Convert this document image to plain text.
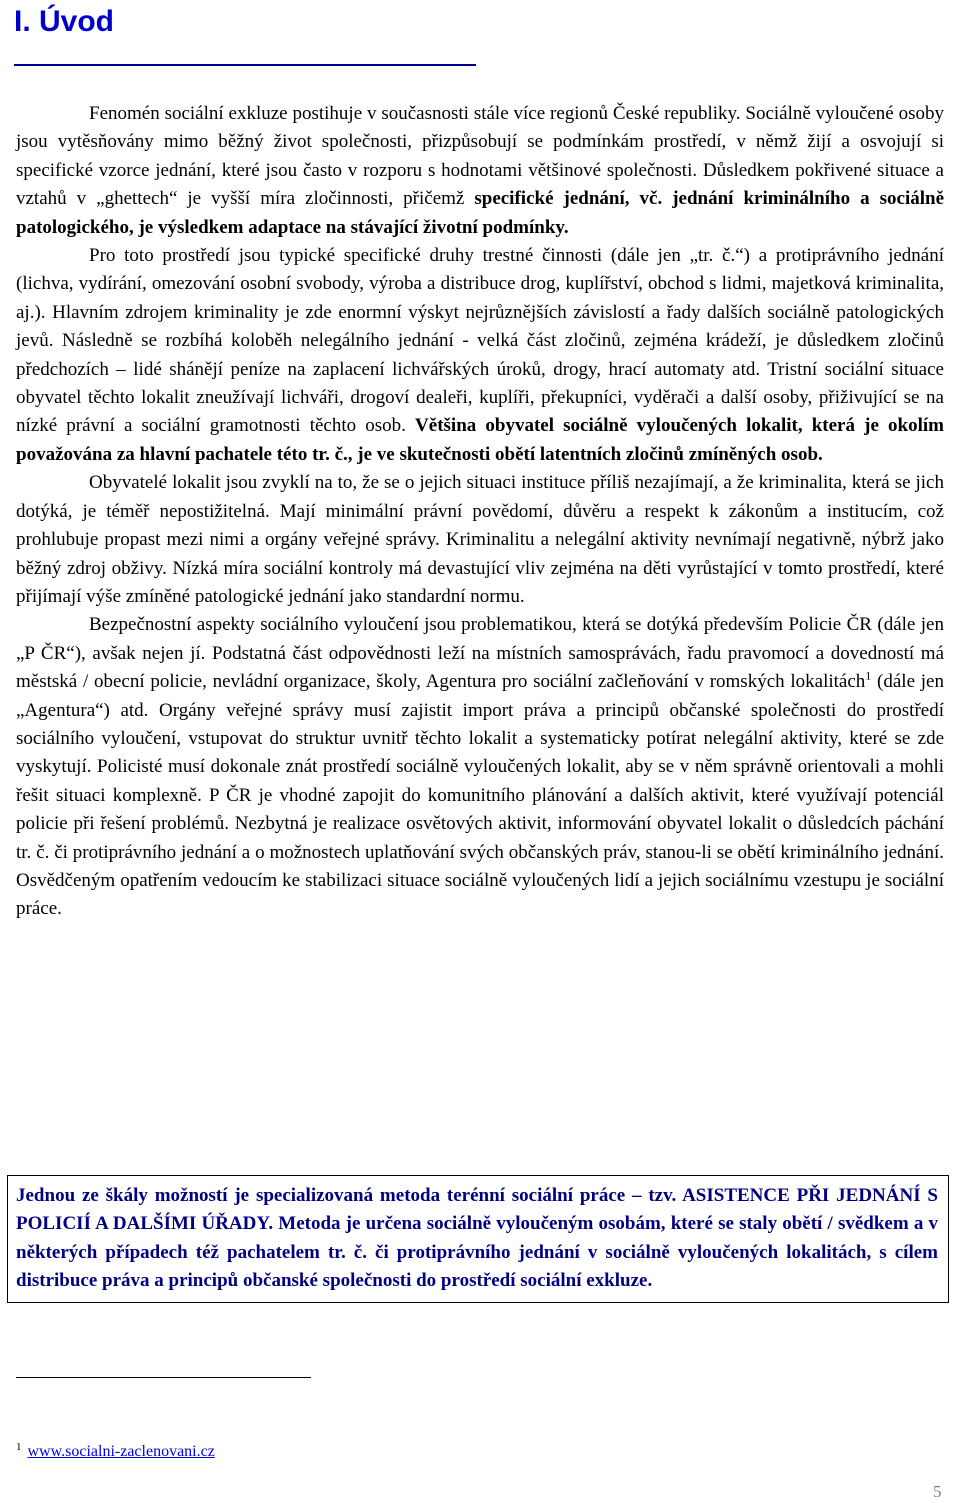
I. Úvod

Fenomén sociální exkluze postihuje v současnosti stále více regionů České republiky. Sociálně vyloučené osoby jsou vytěsňovány mimo běžný život společnosti, přizpůsobují se podmínkám prostředí, v němž žijí a osvojují si specifické vzorce jednání, které jsou často v rozporu s hodnotami většinové společnosti. Důsledkem pokřivené situace a vztahů v „ghettech“ je vyšší míra zločinnosti, přičemž specifické jednání, vč. jednání kriminálního a sociálně patologického, je výsledkem adaptace na stávající životní podmínky.

Pro toto prostředí jsou typické specifické druhy trestné činnosti (dále jen „tr. č.“) a protiprávního jednání (lichva, vydírání, omezování osobní svobody, výroba a distribuce drog, kuplířství, obchod s lidmi, majetková kriminalita, aj.). Hlavním zdrojem kriminality je zde enormní výskyt nejrůznějších závislostí a řady dalších sociálně patologických jevů. Následně se rozbíhá koloběh nelegálního jednání - velká část zločinů, zejména krádeží, je důsledkem zločinů předchozích – lidé shánějí peníze na zaplacení lichvářských úroků, drogy, hrací automaty atd. Tristní sociální situace obyvatel těchto lokalit zneužívají lichváři, drogoví dealeři, kuplíři, překupníci, vyděrači a další osoby, přiživující se na nízké právní a sociální gramotnosti těchto osob. Většina obyvatel sociálně vyloučených lokalit, která je okolím považována za hlavní pachatele této tr. č., je ve skutečnosti obětí latentních zločinů zmíněných osob.

Obyvatelé lokalit jsou zvyklí na to, že se o jejich situaci instituce příliš nezajímají, a že kriminalita, která se jich dotýká, je téměř nepostižitelná. Mají minimální právní povědomí, důvěru a respekt k zákonům a institucím, což prohlubuje propast mezi nimi a orgány veřejné správy. Kriminalitu a nelegální aktivity nevnímají negativně, nýbrž jako běžný zdroj obživy. Nízká míra sociální kontroly má devastující vliv zejména na děti vyrůstající v tomto prostředí, které přijímají výše zmíněné patologické jednání jako standardní normu.

Bezpečnostní aspekty sociálního vyloučení jsou problematikou, která se dotýká především Policie ČR (dále jen „P ČR“), avšak nejen jí. Podstatná část odpovědnosti leží na místních samosprávách, řadu pravomocí a dovedností má městská / obecní policie, nevládní organizace, školy, Agentura pro sociální začleňování v romských lokalitách$^1$ (dále jen „Agentura“) atd. Orgány veřejné správy musí zajistit import práva a principů občanské společnosti do prostředí sociálního vyloučení, vstupovat do struktur uvnitř těchto lokalit a systematicky potírat nelegální aktivity, které se zde vyskytují. Policisté musí dokonale znát prostředí sociálně vyloučených lokalit, aby se v něm správně orientovali a mohli řešit situaci komplexně. P ČR je vhodné zapojit do komunitního plánování a dalších aktivit, které využívají potenciál policie při řešení problémů. Nezbytná je realizace osvětových aktivit, informování obyvatel lokalit o důsledcích páchání tr. č. či protiprávního jednání a o možnostech uplatňování svých občanských práv, stanou-li se obětí kriminálního jednání. Osvědčeným opatřením vedoucím ke stabilizaci situace sociálně vyloučených lidí a jejich sociálnímu vzestupu je sociální práce.

Jednou ze škály možností je specializovaná metoda terénní sociální práce – tzv. ASISTENCE PŘI JEDNÁNÍ S POLICIÍ A DALŠÍMI ÚŘADY. Metoda je určena sociálně vyloučeným osobám, které se staly obětí / svědkem a v některých případech též pachatelem tr. č. či protiprávního jednání v sociálně vyloučených lokalitách, s cílem distribuce práva a principů občanské společnosti do prostředí sociální exkluze.
$^1$ www.socialni-zaclenovani.cz
5
